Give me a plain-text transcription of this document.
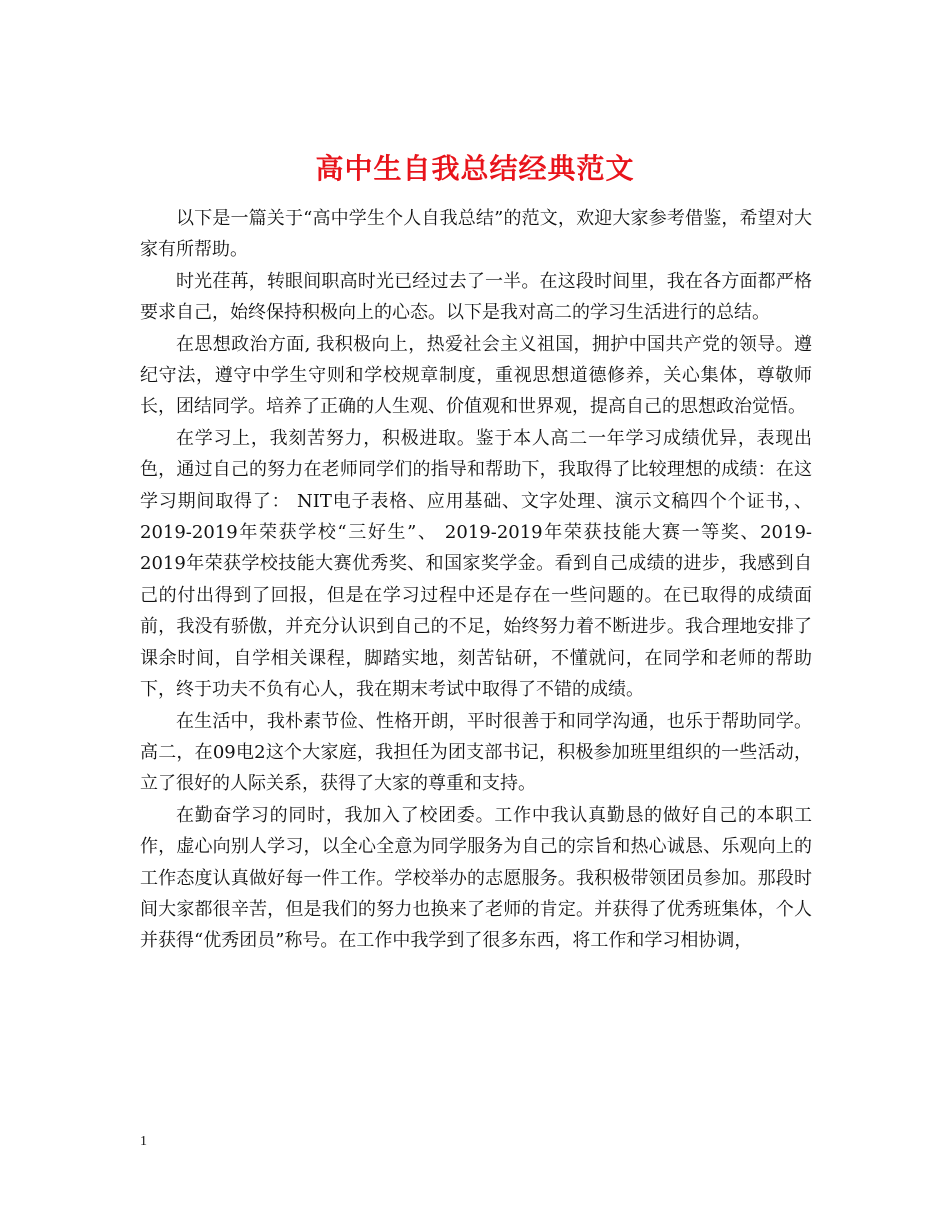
高中生自我总结经典范文

以下是一篇关于“高中学生个人自我总结”的范文，欢迎大家参考借鉴，希望对大家有所帮助。

时光荏苒，转眼间职高时光已经过去了一半。在这段时间里，我在各方面都严格要求自己，始终保持积极向上的心态。以下是我对高二的学习生活进行的总结。

在思想政治方面, 我积极向上，热爱社会主义祖国，拥护中国共产党的领导。遵纪守法，遵守中学生守则和学校规章制度，重视思想道德修养，关心集体，尊敬师长，团结同学。培养了正确的人生观、价值观和世界观，提高自己的思想政治觉悟。

在学习上，我刻苦努力，积极进取。鉴于本人高二一年学习成绩优异，表现出色，通过自己的努力在老师同学们的指导和帮助下，我取得了比较理想的成绩：在这学习期间取得了： NIT电子表格、应用基础、文字处理、演示文稿四个个证书，、2019-2019年荣获学校“三好生”、 2019-2019年荣获技能大赛一等奖、2019-2019年荣获学校技能大赛优秀奖、和国家奖学金。看到自己成绩的进步，我感到自己的付出得到了回报，但是在学习过程中还是存在一些问题的。在已取得的成绩面前，我没有骄傲，并充分认识到自己的不足，始终努力着不断进步。我合理地安排了课余时间，自学相关课程，脚踏实地，刻苦钻研，不懂就问，在同学和老师的帮助下，终于功夫不负有心人，我在期末考试中取得了不错的成绩。

在生活中，我朴素节俭、性格开朗，平时很善于和同学沟通，也乐于帮助同学。高二，在09电2这个大家庭，我担任为团支部书记，积极参加班里组织的一些活动，立了很好的人际关系，获得了大家的尊重和支持。

在勤奋学习的同时，我加入了校团委。工作中我认真勤恳的做好自己的本职工作，虚心向别人学习，以全心全意为同学服务为自己的宗旨和热心诚恳、乐观向上的工作态度认真做好每一件工作。学校举办的志愿服务。我积极带领团员参加。那段时间大家都很辛苦，但是我们的努力也换来了老师的肯定。并获得了优秀班集体，个人并获得“优秀团员”称号。在工作中我学到了很多东西，将工作和学习相协调，

1
